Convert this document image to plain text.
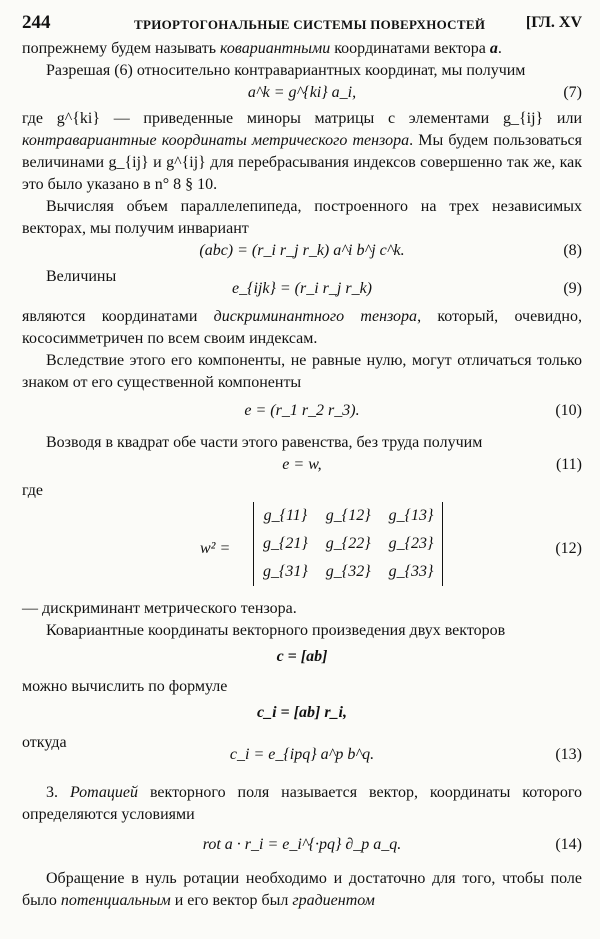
244	ТРИОРТОГОНАЛЬНЫЕ СИСТЕМЫ ПОВЕРХНОСТЕЙ	[ГЛ. XV

попрежнему будем называть ковариантными координатами вектора a.

Разрешая (6) относительно контравариантных координат, мы получим

a^k = g^{ki} a_i,	(7)

где g^{ki} — приведенные миноры матрицы с элементами g_{ij} или контравариантные координаты метрического тензора. Мы будем пользоваться величинами g_{ij} и g^{ij} для перебрасывания индексов совершенно так же, как это было указано в n° 8 § 10.

Вычисляя объем параллелепипеда, построенного на трех независимых векторах, мы получим инвариант

(abc) = (r_i r_j r_k) a^i b^j c^k.	(8)
Величины
e_{ijk} = (r_i r_j r_k)	(9)

являются координатами дискриминантного тензора, который, очевидно, кососимметричен по всем своим индексам.

Вследствие этого его компоненты, не равные нулю, могут отличаться только знаком от его существенной компоненты

e = (r_1 r_2 r_3).	(10)

Возводя в квадрат обе части этого равенства, без труда получим

e = w,	(11)

где

w² =
g_{11}	g_{12}	g_{13}
g_{21}	g_{22}	g_{23}
g_{31}	g_{32}	g_{33}
(12)

— дискриминант метрического тензора.

Ковариантные координаты векторного произведения двух векторов

c = [ab]

можно вычислить по формуле

c_i = [ab] r_i,
откуда
c_i = e_{ipq} a^p b^q.	(13)

3. Ротацией векторного поля называется вектор, координаты которого определяются условиями

rot a · r_i = e_i^{·pq} ∂_p a_q.	(14)

Обращение в нуль ротации необходимо и достаточно для того, чтобы поле было потенциальным и его вектор был градиентом
